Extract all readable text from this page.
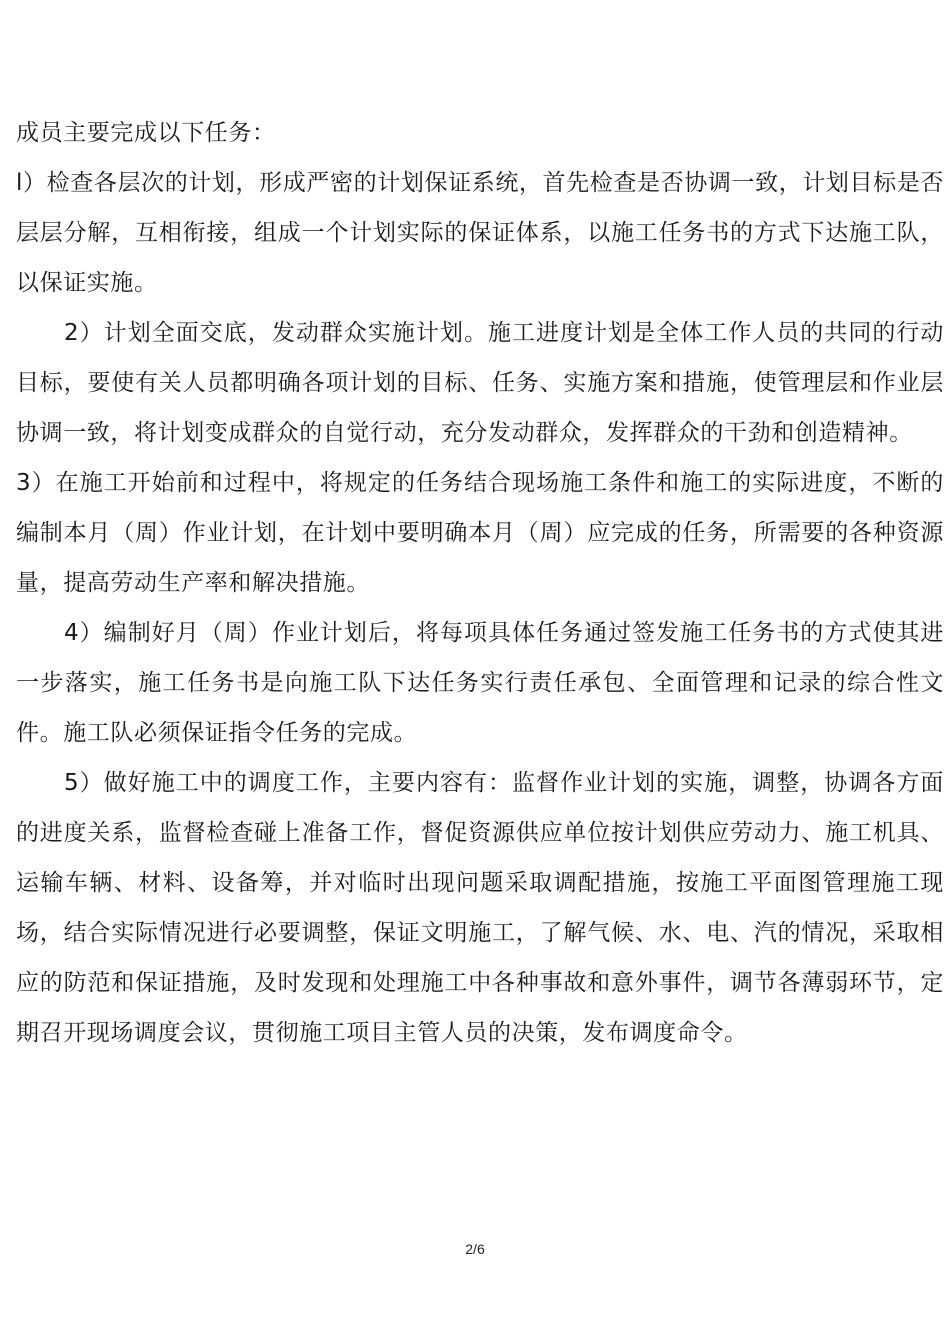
成员主要完成以下任务：

l）检查各层次的计划，形成严密的计划保证系统，首先检查是否协调一致，计划目标是否层层分解，互相衔接，组成一个计划实际的保证体系，以施工任务书的方式下达施工队，以保证实施。

2）计划全面交底，发动群众实施计划。施工进度计划是全体工作人员的共同的行动目标，要使有关人员都明确各项计划的目标、任务、实施方案和措施，使管理层和作业层协调一致，将计划变成群众的自觉行动，充分发动群众，发挥群众的干劲和创造精神。

3）在施工开始前和过程中，将规定的任务结合现场施工条件和施工的实际进度，不断的编制本月（周）作业计划，在计划中要明确本月（周）应完成的任务，所需要的各种资源量，提高劳动生产率和解决措施。

4）编制好月（周）作业计划后，将每项具体任务通过签发施工任务书的方式使其进一步落实，施工任务书是向施工队下达任务实行责任承包、全面管理和记录的综合性文件。施工队必须保证指令任务的完成。

5）做好施工中的调度工作，主要内容有：监督作业计划的实施，调整，协调各方面的进度关系，监督检查碰上准备工作，督促资源供应单位按计划供应劳动力、施工机具、运输车辆、材料、设备筹，并对临时出现问题采取调配措施，按施工平面图管理施工现场，结合实际情况进行必要调整，保证文明施工，了解气候、水、电、汽的情况，采取相应的防范和保证措施，及时发现和处理施工中各种事故和意外事件，调节各薄弱环节，定期召开现场调度会议，贯彻施工项目主管人员的决策，发布调度命令。

2/6
